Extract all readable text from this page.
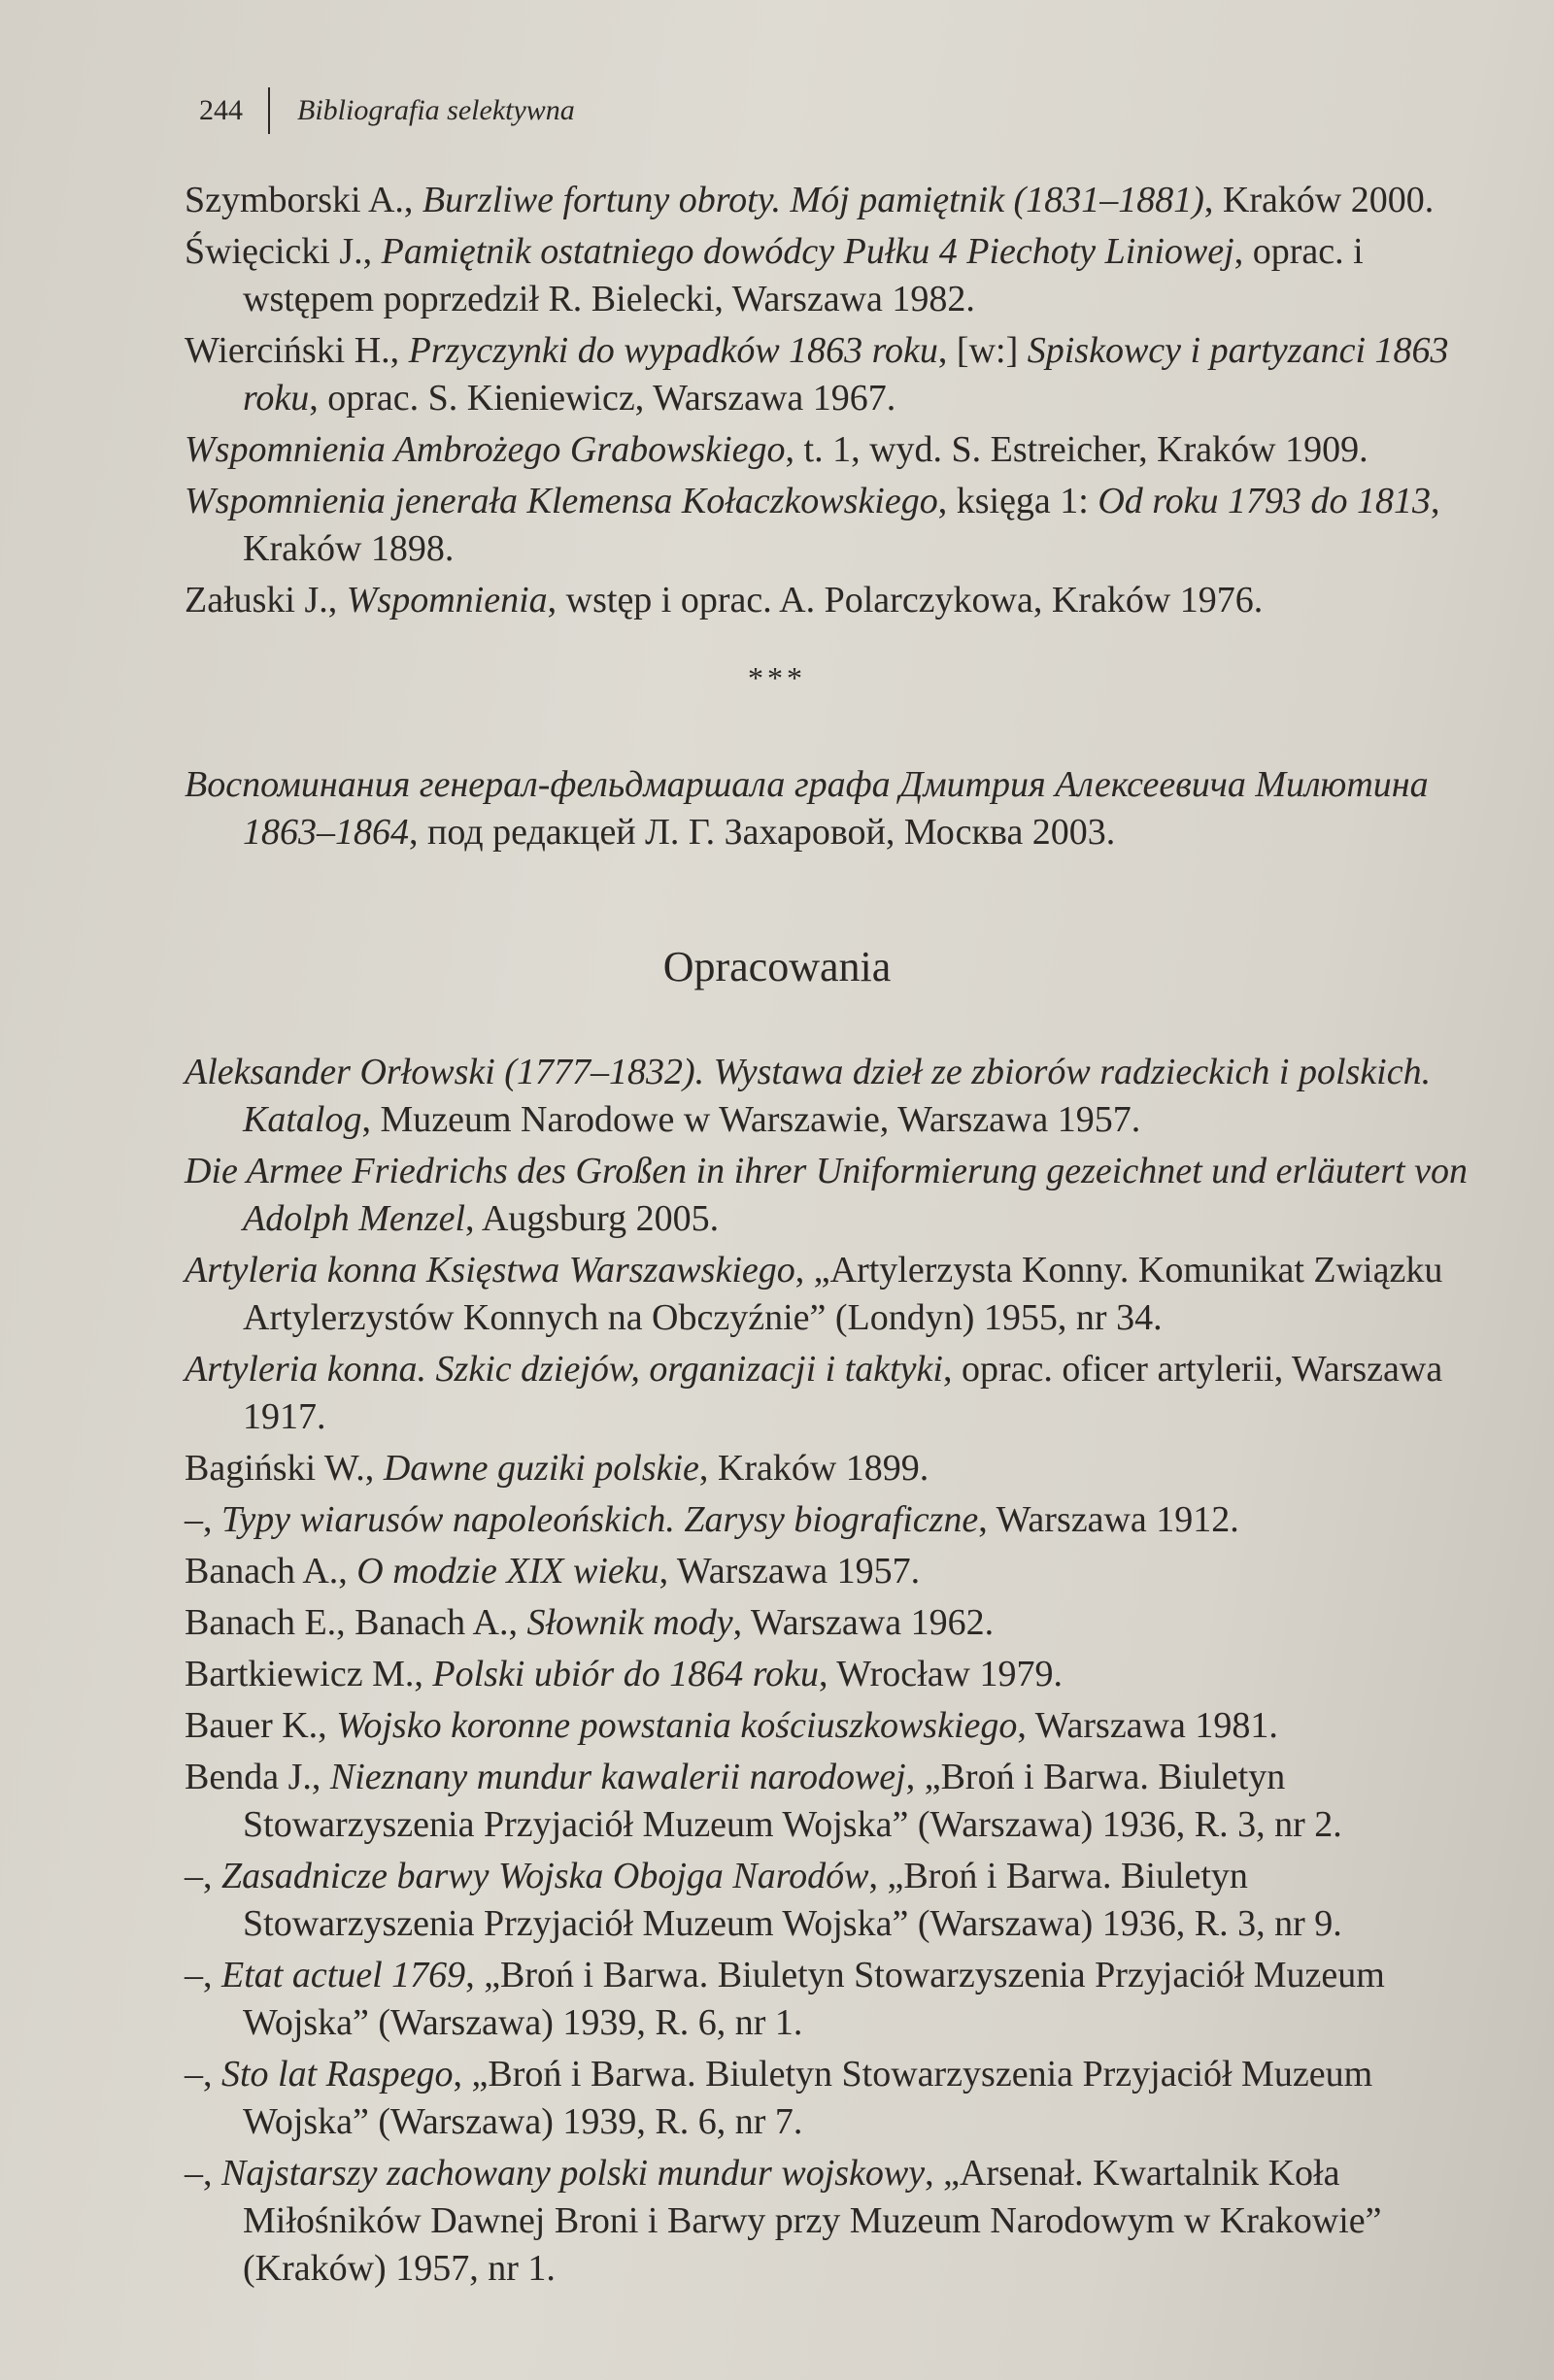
244 Bibliografia selektywna

Szymborski A., Burzliwe fortuny obroty. Mój pamiętnik (1831–1881), Kraków 2000.

Święcicki J., Pamiętnik ostatniego dowódcy Pułku 4 Piechoty Liniowej, oprac. i wstępem poprzedził R. Bielecki, Warszawa 1982.

Wierciński H., Przyczynki do wypadków 1863 roku, [w:] Spiskowcy i partyzanci 1863 roku, oprac. S. Kieniewicz, Warszawa 1967.

Wspomnienia Ambrożego Grabowskiego, t. 1, wyd. S. Estreicher, Kraków 1909.

Wspomnienia jenerała Klemensa Kołaczkowskiego, księga 1: Od roku 1793 do 1813, Kraków 1898.

Załuski J., Wspomnienia, wstęp i oprac. A. Polarczykowa, Kraków 1976.

***

Воспоминания генерал-фельдмаршала графа Дмитрия Алексеевича Милютина 1863–1864, под редакцей Л. Г. Захаровой, Москва 2003.

Opracowania

Aleksander Orłowski (1777–1832). Wystawa dzieł ze zbiorów radzieckich i polskich. Katalog, Muzeum Narodowe w Warszawie, Warszawa 1957.

Die Armee Friedrichs des Großen in ihrer Uniformierung gezeichnet und erläutert von Adolph Menzel, Augsburg 2005.

Artyleria konna Księstwa Warszawskiego, „Artylerzysta Konny. Komunikat Związku Artylerzystów Konnych na Obczyźnie” (Londyn) 1955, nr 34.

Artyleria konna. Szkic dziejów, organizacji i taktyki, oprac. oficer artylerii, Warszawa 1917.

Bagiński W., Dawne guziki polskie, Kraków 1899.

–, Typy wiarusów napoleońskich. Zarysy biograficzne, Warszawa 1912.

Banach A., O modzie XIX wieku, Warszawa 1957.

Banach E., Banach A., Słownik mody, Warszawa 1962.

Bartkiewicz M., Polski ubiór do 1864 roku, Wrocław 1979.

Bauer K., Wojsko koronne powstania kościuszkowskiego, Warszawa 1981.

Benda J., Nieznany mundur kawalerii narodowej, „Broń i Barwa. Biuletyn Stowarzyszenia Przyjaciół Muzeum Wojska” (Warszawa) 1936, R. 3, nr 2.

–, Zasadnicze barwy Wojska Obojga Narodów, „Broń i Barwa. Biuletyn Stowarzyszenia Przyjaciół Muzeum Wojska” (Warszawa) 1936, R. 3, nr 9.

–, Etat actuel 1769, „Broń i Barwa. Biuletyn Stowarzyszenia Przyjaciół Muzeum Wojska” (Warszawa) 1939, R. 6, nr 1.

–, Sto lat Raspego, „Broń i Barwa. Biuletyn Stowarzyszenia Przyjaciół Muzeum Wojska” (Warszawa) 1939, R. 6, nr 7.

–, Najstarszy zachowany polski mundur wojskowy, „Arsenał. Kwartalnik Koła Miłośników Dawnej Broni i Barwy przy Muzeum Narodowym w Krakowie” (Kraków) 1957, nr 1.
